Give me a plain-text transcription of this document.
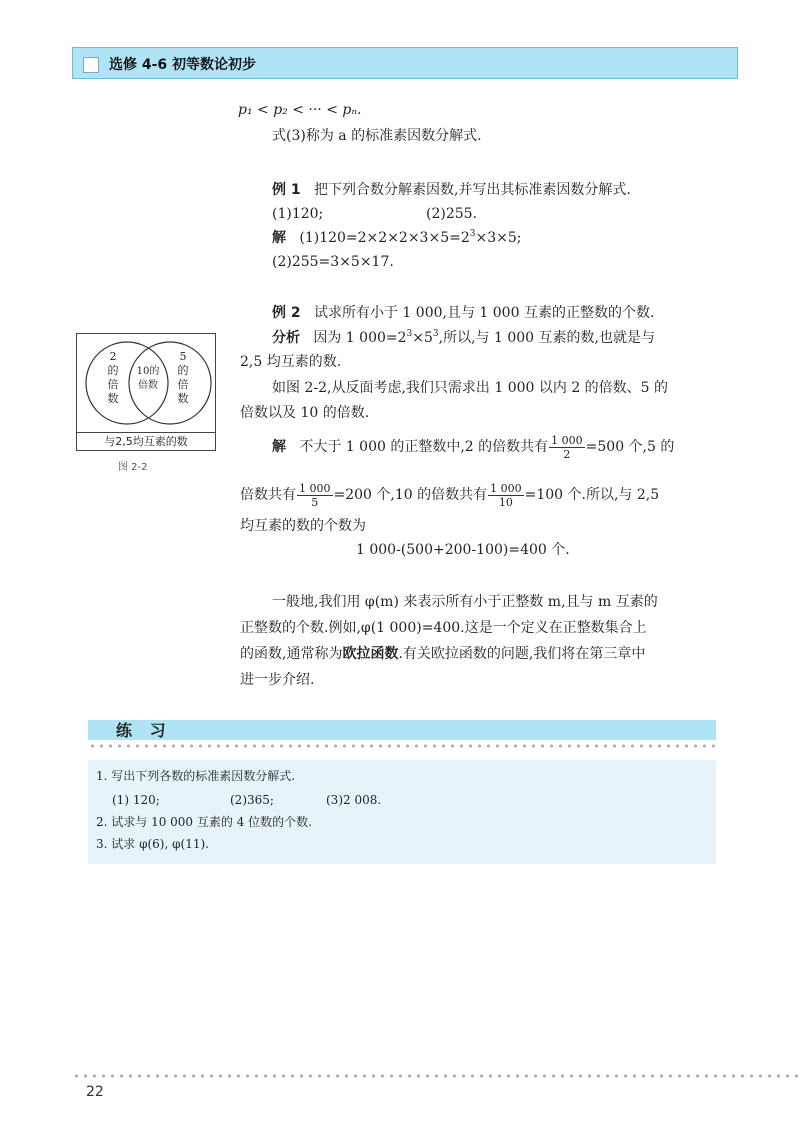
选修 4-6 初等数论初步
p₁ < p₂ < ··· < pₙ.
式(3)称为 a 的标准素因数分解式.
例 1 把下列合数分解素因数,并写出其标准素因数分解式.
(1)120;	(2)255.
解 $(1)120=2\times 2\times 2\times 3\times 5=2^3\times 3\times 5$;
(2)255=3×5×17.
例 2 试求所有小于 1 000,且与 1 000 互素的正整数的个数.
分析 因为 1 $000=2^3\times 5^3$,所以,与 1 000 互素的数,也就是与
2,5 均互素的数.
如图 2-2,从反面考虑,我们只需求出 1 000 以内 2 的倍数、5 的
倍数以及 10 的倍数.
解 不大于 1 000 的正整数中,2 的倍数共有 $\frac{1 000}{2} =500$ 个,5 的
倍数共有 $\frac{1 000}{5} =200$ 个,10 的倍数共有 $\frac{1 000}{10} =100$ 个.所以,与 2,5
均互素的数的个数为
1 000-(500+200-100)=400 个.
一般地,我们用 φ(m) 来表示所有小于正整数 m,且与 m 互素的
正整数的个数.例如,φ(1 000)=400.这是一个定义在正整数集合上
的函数,通常称为欧拉函数.有关欧拉函数的问题,我们将在第三章中
进一步介绍.
2
的
倍
数
10的
倍数
5
的
倍
数
与2,5均互素的数
图 2-2
练 习
1. 写出下列各数的标准素因数分解式.
(1) 120;	(2)365;	(3)2 008.
2. 试求与 10 000 互素的 4 位数的个数.
3. 试求 φ(6), φ(11).
22
